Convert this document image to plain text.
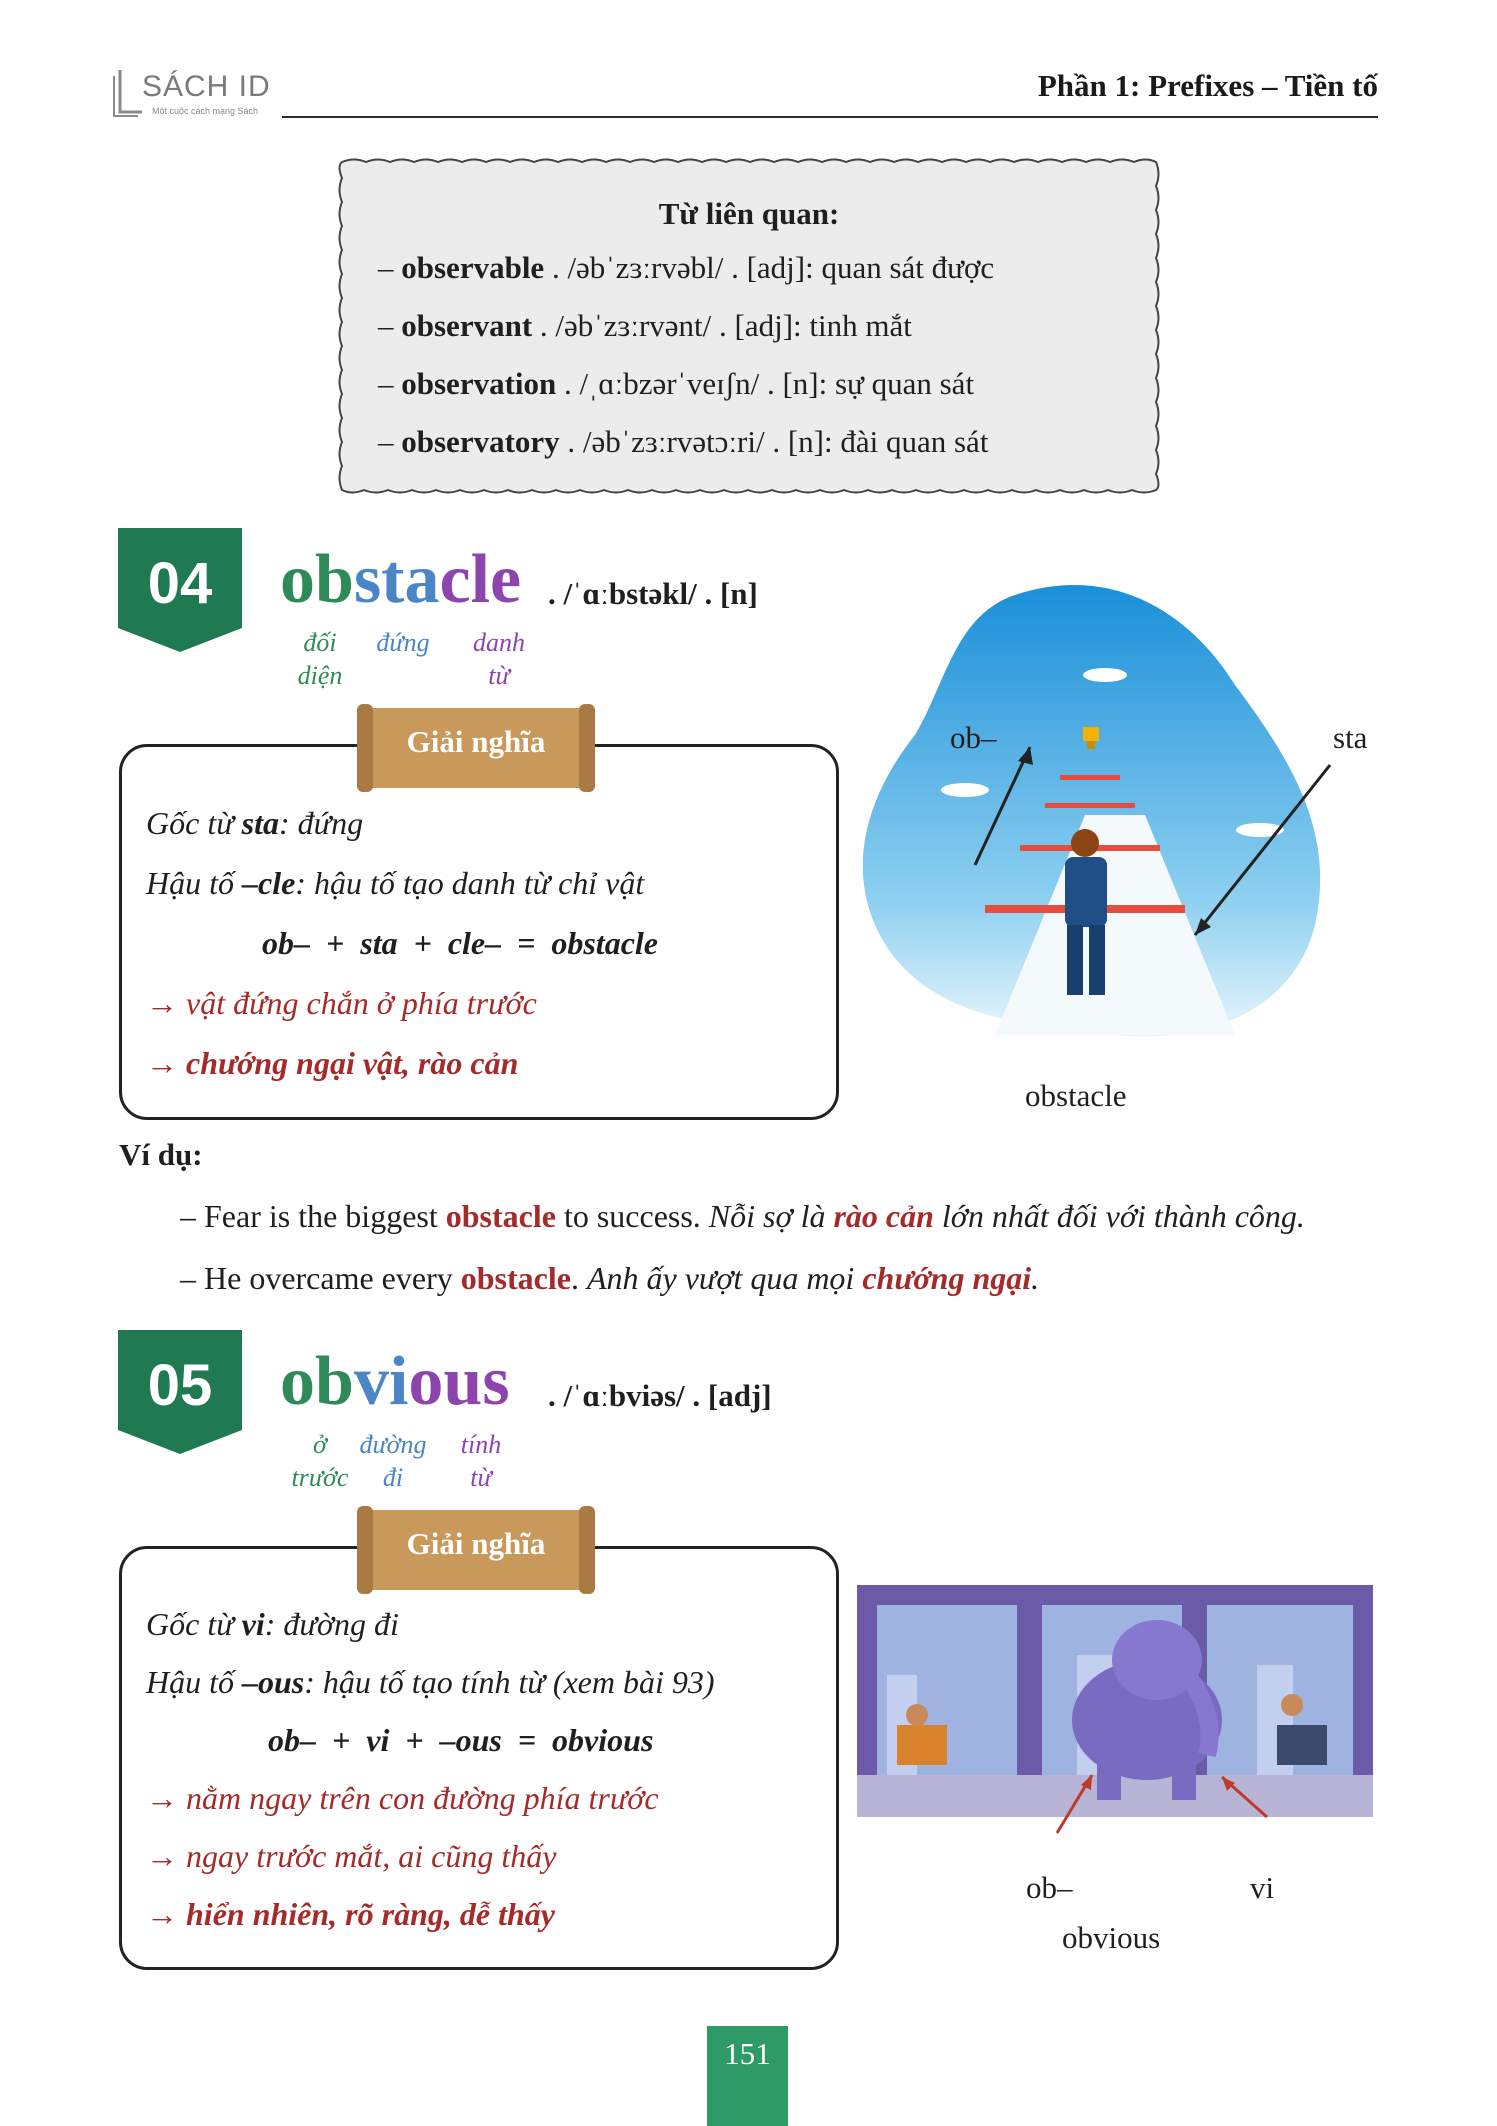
SÁCH ID
Một cuộc cách mạng Sách
Phần 1: Prefixes – Tiền tố
Từ liên quan:
– observable . /əbˈzɜːrvəbl/ . [adj]: quan sát được
– observant . /əbˈzɜːrvənt/ . [adj]: tinh mắt
– observation . /ˌɑːbzərˈveɪʃn/ . [n]: sự quan sát
– observatory . /əbˈzɜːrvətɔːri/ . [n]: đài quan sát
04 obstacle . /ˈɑːbstəkl/ . [n]
đối
diện
đứng	danh
từ
Giải nghĩa
Gốc từ sta: đứng
Hậu tố –cle: hậu tố tạo danh từ chỉ vật
ob–  +  sta  +  cle–  =  obstacle
→ vật đứng chắn ở phía trước
→ chướng ngại vật, rào cản
ob–	sta
obstacle
Ví dụ:
– Fear is the biggest obstacle to success. Nỗi sợ là rào cản lớn nhất đối với thành công.
– He overcame every obstacle. Anh ấy vượt qua mọi chướng ngại.
05 obvious . /ˈɑːbviəs/ . [adj]
ở
trước
đường
đi
tính
từ
Giải nghĩa
Gốc từ vi: đường đi
Hậu tố –ous: hậu tố tạo tính từ (xem bài 93)
ob–  +  vi  +  –ous  =  obvious
→ nằm ngay trên con đường phía trước
→ ngay trước mắt, ai cũng thấy
→ hiển nhiên, rõ ràng, dễ thấy
ob–	vi
obvious
151
